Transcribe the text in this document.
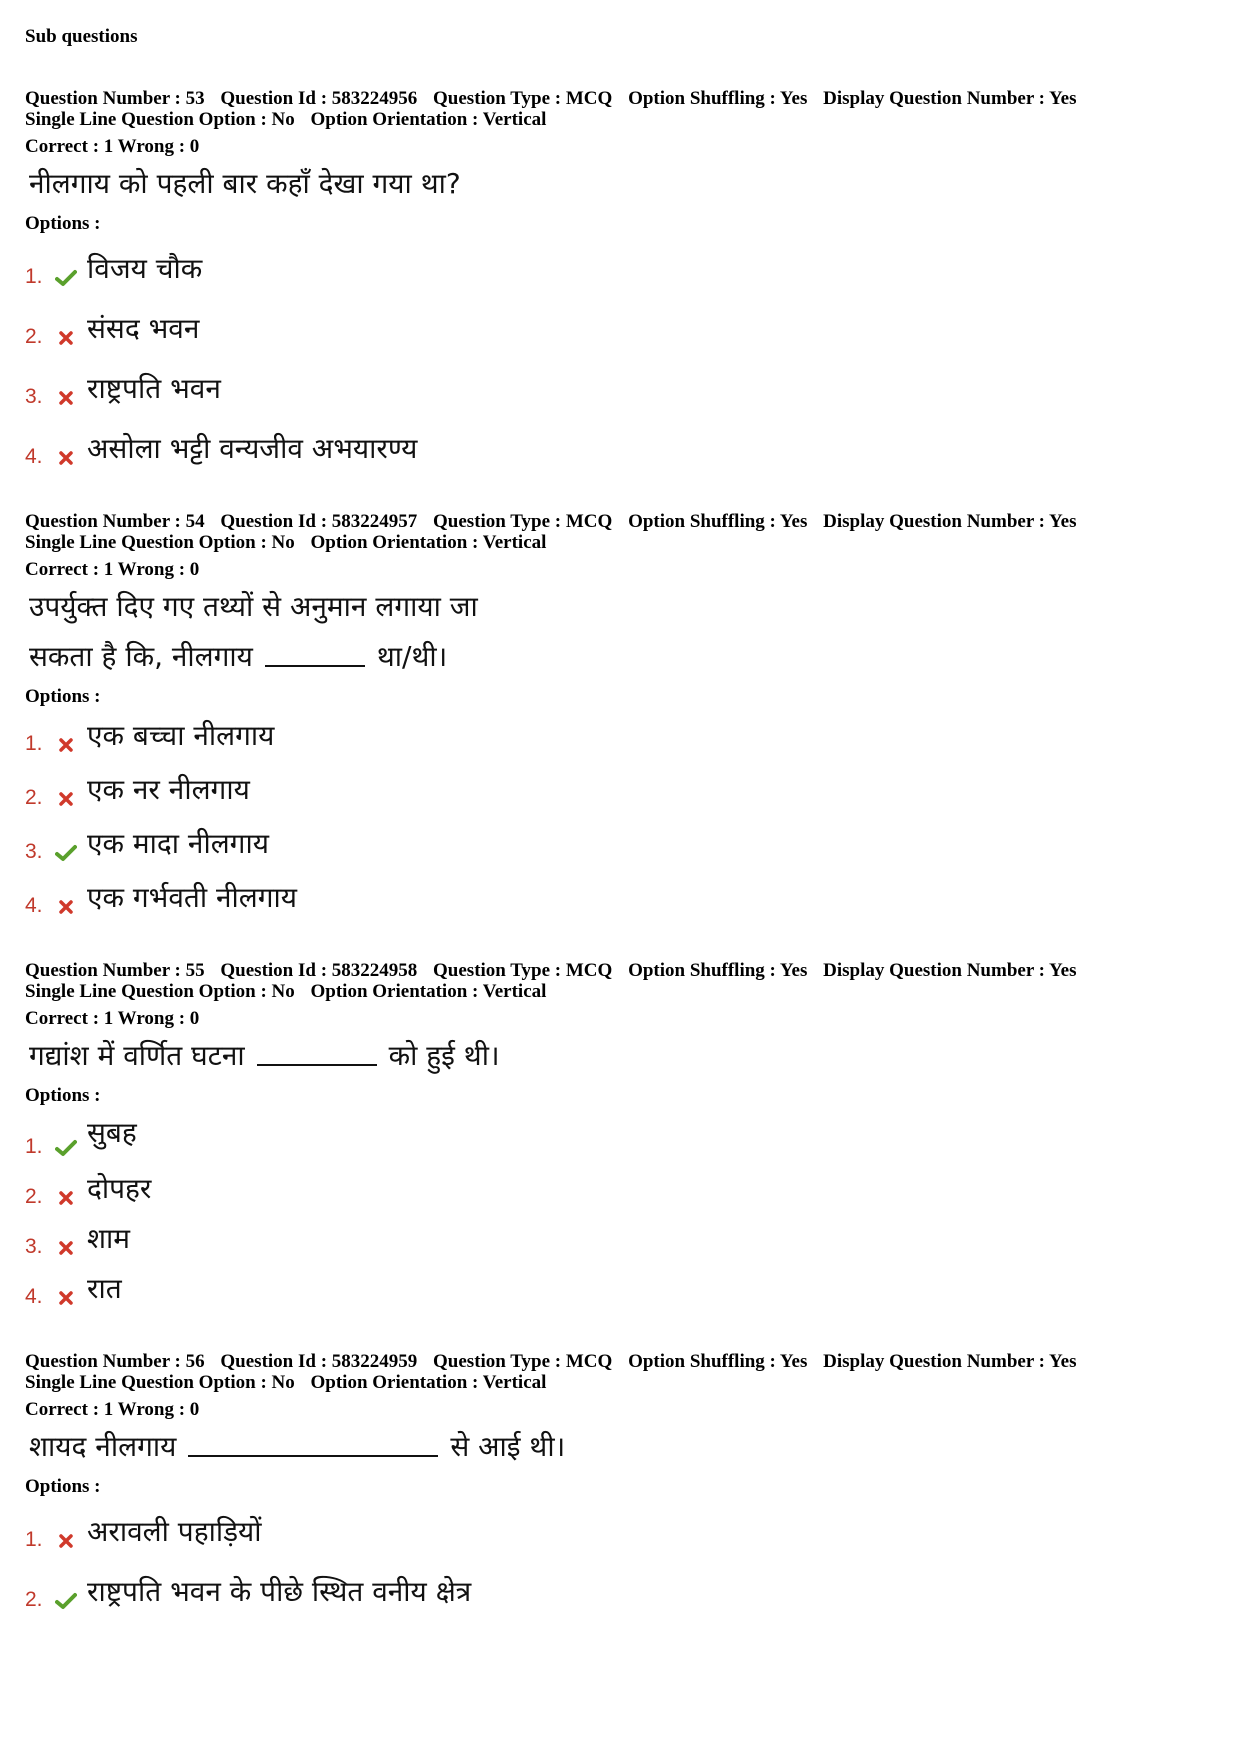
Sub questions
Question Number : 53 Question Id : 583224956 Question Type : MCQ Option Shuffling : Yes Display Question Number : Yes
Single Line Question Option : No Option Orientation : Vertical
Correct : 1 Wrong : 0
नीलगाय को पहली बार कहाँ देखा गया था?
Options :
1. विजय चौक
2. संसद भवन
3. राष्ट्रपति भवन
4. असोला भट्टी वन्यजीव अभयारण्य
Question Number : 54 Question Id : 583224957 Question Type : MCQ Option Shuffling : Yes Display Question Number : Yes
Single Line Question Option : No Option Orientation : Vertical
Correct : 1 Wrong : 0
उपर्युक्त दिए गए तथ्यों से अनुमान लगाया जा
सकता है कि, नीलगाय	था/थी।
Options :
1. एक बच्चा नीलगाय
2. एक नर नीलगाय
3. एक मादा नीलगाय
4. एक गर्भवती नीलगाय
Question Number : 55 Question Id : 583224958 Question Type : MCQ Option Shuffling : Yes Display Question Number : Yes
Single Line Question Option : No Option Orientation : Vertical
Correct : 1 Wrong : 0
गद्यांश में वर्णित घटना	को हुई थी।
Options :
1. सुबह
2. दोपहर
3. शाम
4. रात
Question Number : 56 Question Id : 583224959 Question Type : MCQ Option Shuffling : Yes Display Question Number : Yes
Single Line Question Option : No Option Orientation : Vertical
Correct : 1 Wrong : 0
शायद नीलगाय	से आई थी।
Options :
1. अरावली पहाड़ियों
2. राष्ट्रपति भवन के पीछे स्थित वनीय क्षेत्र
